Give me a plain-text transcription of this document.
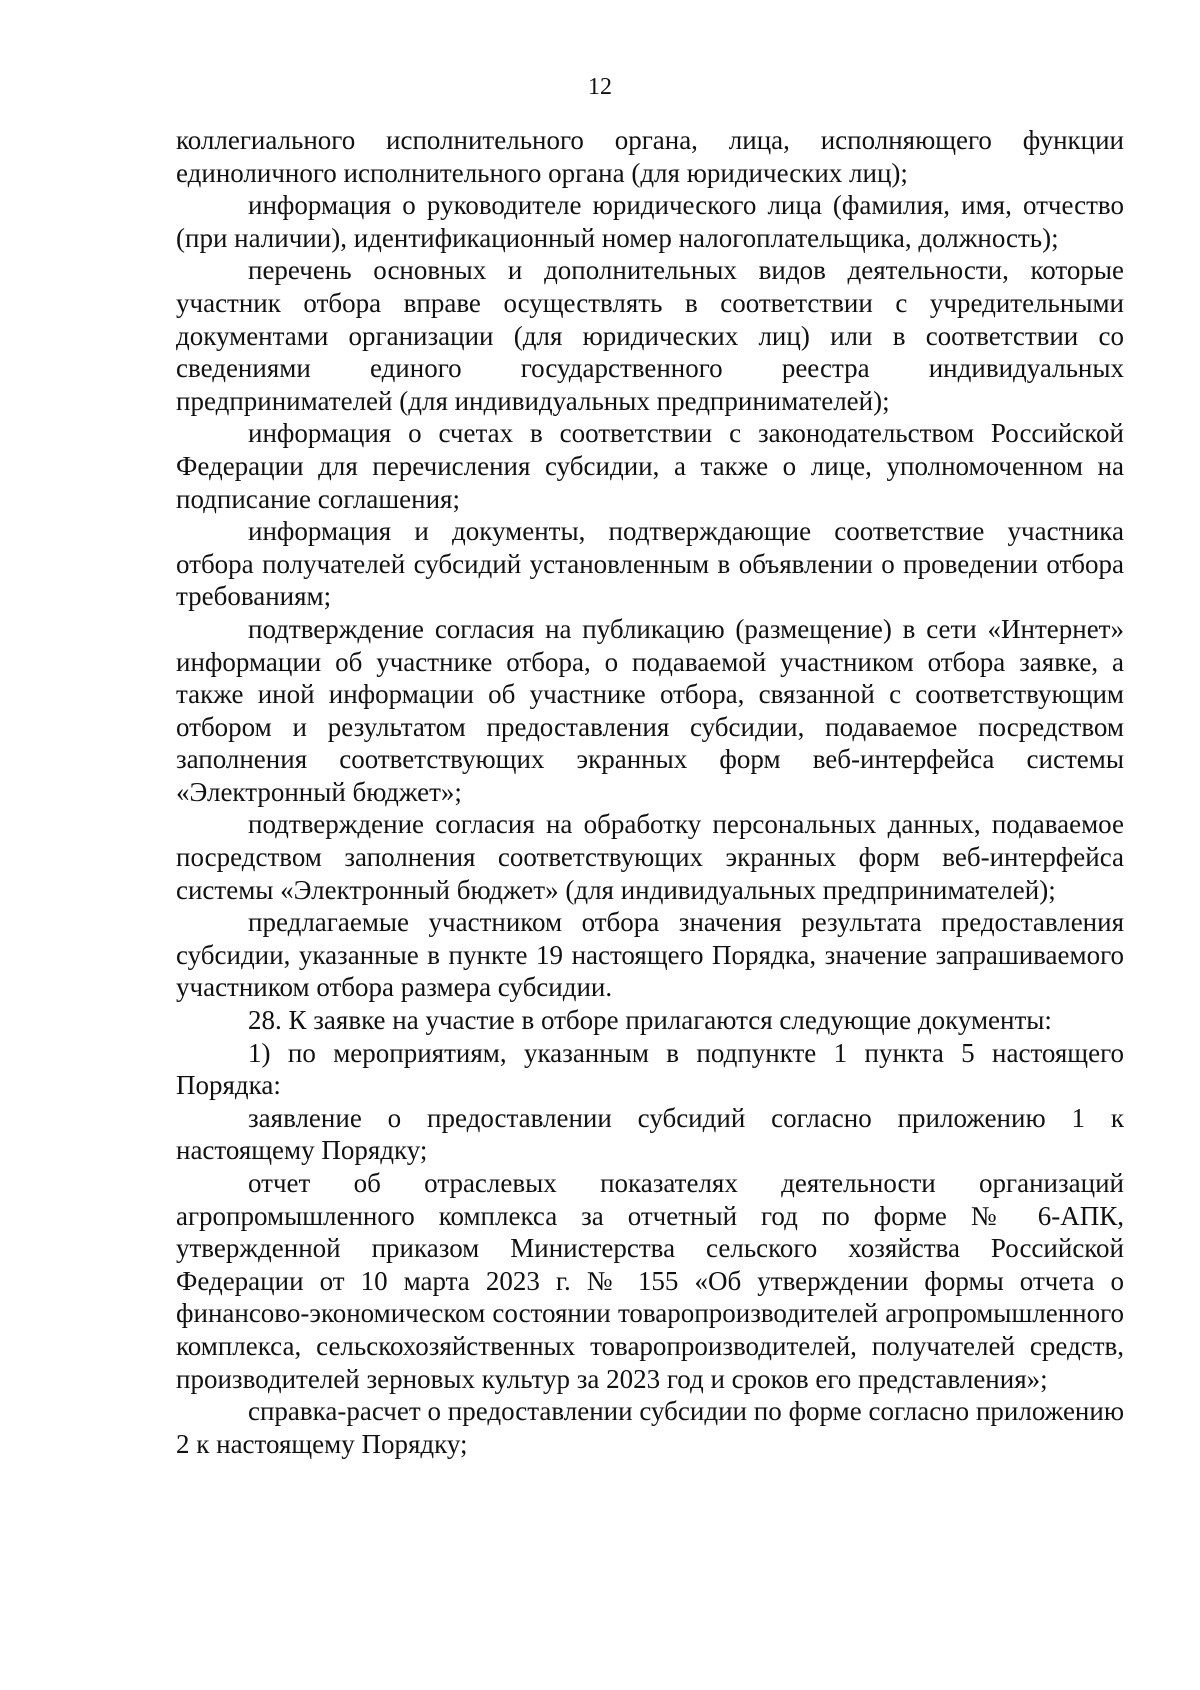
12

коллегиального исполнительного органа, лица, исполняющего функции единоличного исполнительного органа (для юридических лиц);

информация о руководителе юридического лица (фамилия, имя, отчество (при наличии), идентификационный номер налогоплательщика, должность);

перечень основных и дополнительных видов деятельности, которые участник отбора вправе осуществлять в соответствии с учредительными документами организации (для юридических лиц) или в соответствии со сведениями единого государственного реестра индивидуальных предпринимателей (для индивидуальных предпринимателей);

информация о счетах в соответствии с законодательством Российской Федерации для перечисления субсидии, а также о лице, уполномоченном на подписание соглашения;

информация и документы, подтверждающие соответствие участника отбора получателей субсидий установленным в объявлении о проведении отбора требованиям;

подтверждение согласия на публикацию (размещение) в сети «Интернет» информации об участнике отбора, о подаваемой участником отбора заявке, а также иной информации об участнике отбора, связанной с соответствующим отбором и результатом предоставления субсидии, подаваемое посредством заполнения соответствующих экранных форм веб-интерфейса системы «Электронный бюджет»;

подтверждение согласия на обработку персональных данных, подаваемое посредством заполнения соответствующих экранных форм веб-интерфейса системы «Электронный бюджет» (для индивидуальных предпринимателей);

предлагаемые участником отбора значения результата предоставления субсидии, указанные в пункте 19 настоящего Порядка, значение запрашиваемого участником отбора размера субсидии.

28. К заявке на участие в отборе прилагаются следующие документы:

1) по мероприятиям, указанным в подпункте 1 пункта 5 настоящего Порядка:

заявление о предоставлении субсидий согласно приложению 1 к настоящему Порядку;

отчет об отраслевых показателях деятельности организаций агропромышленного комплекса за отчетный год по форме № 6-АПК, утвержденной приказом Министерства сельского хозяйства Российской Федерации от 10 марта 2023 г. № 155 «Об утверждении формы отчета о финансово-экономическом состоянии товаропроизводителей агропромышленного комплекса, сельскохозяйственных товаропроизводителей, получателей средств, производителей зерновых культур за 2023 год и сроков его представления»;

справка-расчет о предоставлении субсидии по форме согласно приложению 2 к настоящему Порядку;
